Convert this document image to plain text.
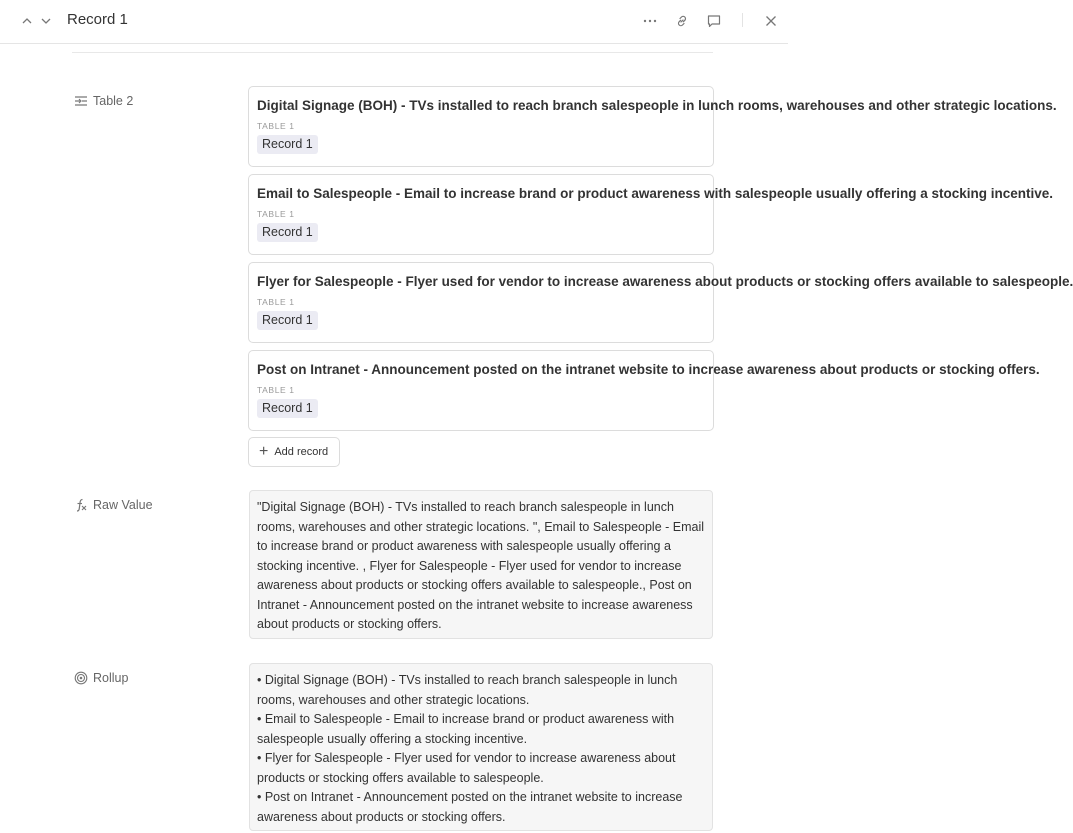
Record 1
Table 2	Digital Signage (BOH) - TVs installed to reach branch salespeople in lunch rooms, warehouses and other strategic locations.
TABLE 1
Record 1
Email to Salespeople - Email to increase brand or product awareness with salespeople usually offering a stocking incentive.
TABLE 1
Record 1
Flyer for Salespeople - Flyer used for vendor to increase awareness about products or stocking offers available to salespeople.
TABLE 1
Record 1
Post on Intranet - Announcement posted on the intranet website to increase awareness about products or stocking offers.
TABLE 1
Record 1
+ Add record
Raw Value	"Digital Signage (BOH) - TVs installed to reach branch salespeople in lunch rooms, warehouses and other strategic locations. ", Email to Salespeople - Email to increase brand or product awareness with salespeople usually offering a stocking incentive. , Flyer for Salespeople - Flyer used for vendor to increase awareness about products or stocking offers available to salespeople., Post on Intranet - Announcement posted on the intranet website to increase awareness about products or stocking offers.
Rollup	• Digital Signage (BOH) - TVs installed to reach branch salespeople in lunch rooms, warehouses and other strategic locations.
• Email to Salespeople - Email to increase brand or product awareness with salespeople usually offering a stocking incentive.
• Flyer for Salespeople - Flyer used for vendor to increase awareness about products or stocking offers available to salespeople.
• Post on Intranet - Announcement posted on the intranet website to increase awareness about products or stocking offers.
